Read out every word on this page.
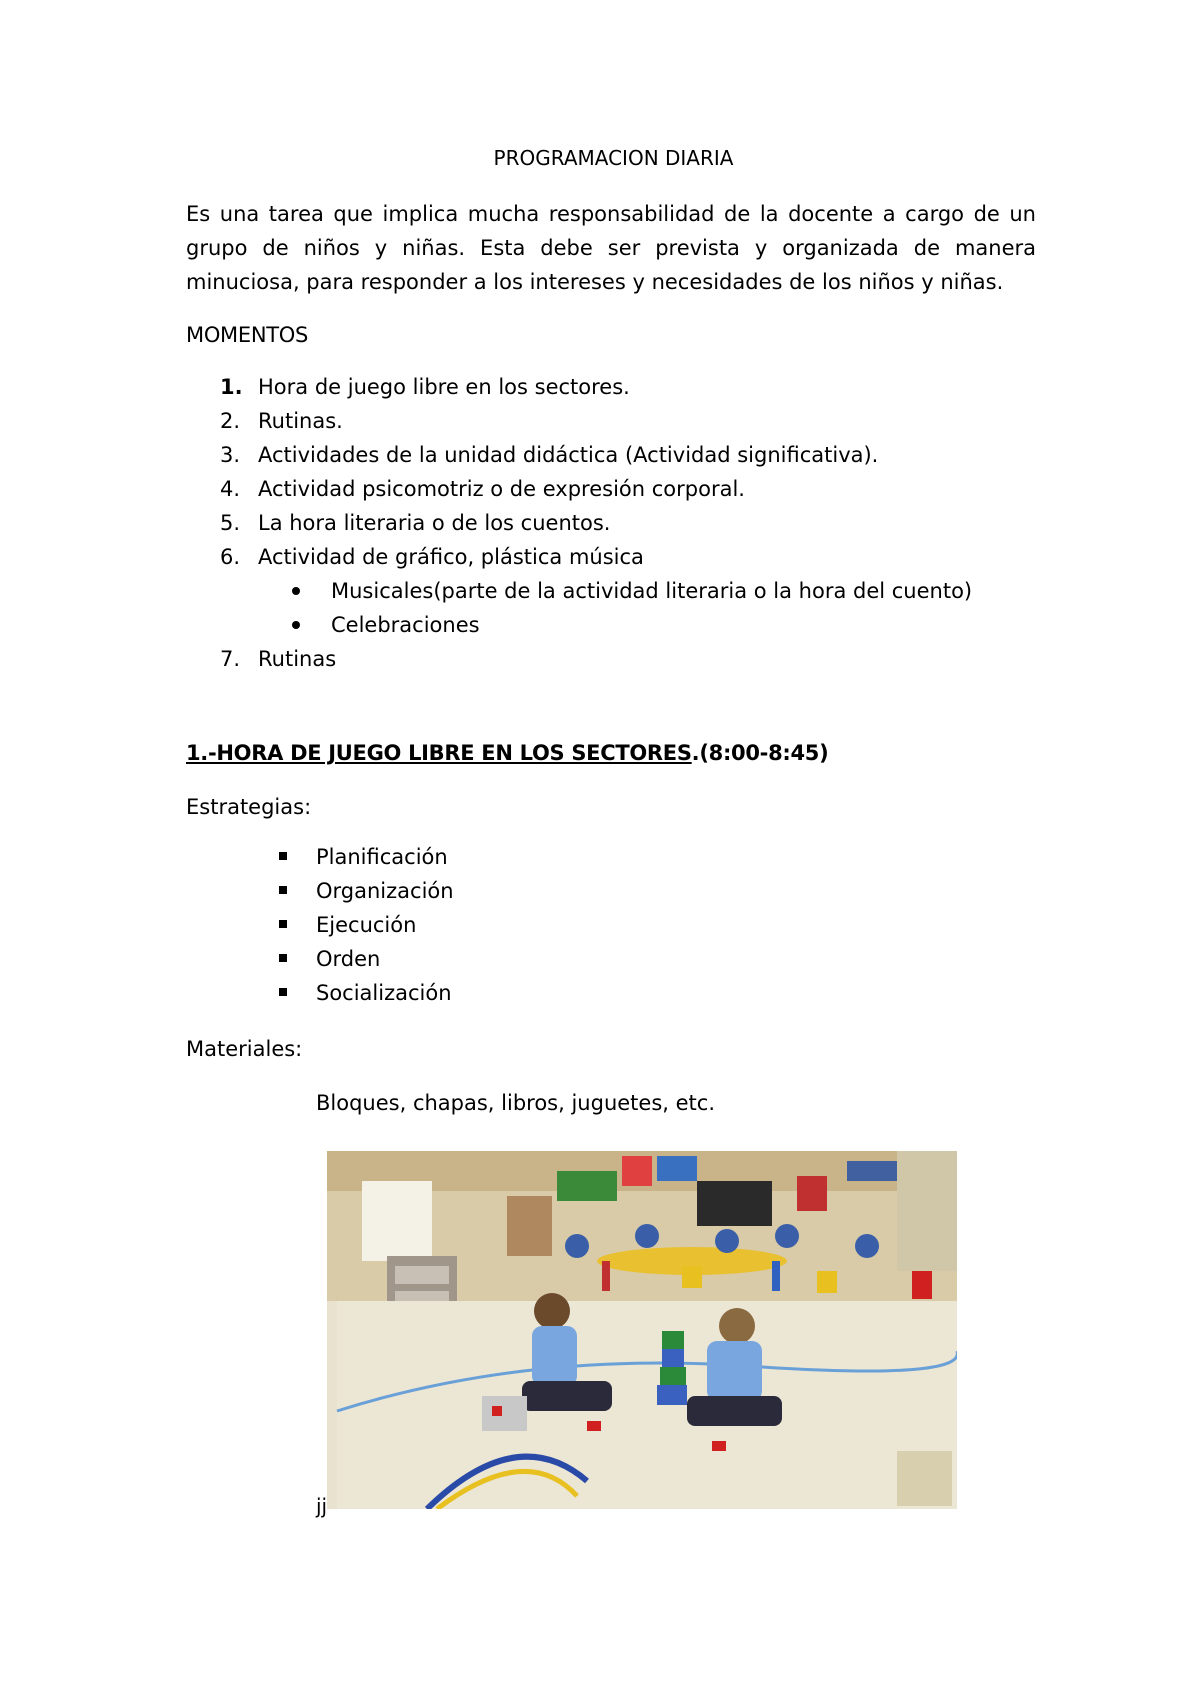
PROGRAMACION DIARIA

Es una tarea que implica mucha responsabilidad de la docente a cargo de un grupo de niños y niñas. Esta debe ser prevista y organizada de manera minuciosa, para responder a los intereses y necesidades de los niños y niñas.

MOMENTOS
1. Hora de juego libre en los sectores.
2. Rutinas.
3. Actividades de la unidad didáctica (Actividad significativa).
4. Actividad psicomotriz o de expresión corporal.
5. La hora literaria o de los cuentos.
6. Actividad de gráfico, plástica música
Musicales(parte de la actividad literaria o la hora del cuento)
Celebraciones
7. Rutinas
1.-HORA DE JUEGO LIBRE EN LOS SECTORES.(8:00-8:45)

Estrategias:

Planificación
Organización
Ejecución
Orden
Socialización

Materiales:

Bloques, chapas, libros, juguetes, etc.

jj
